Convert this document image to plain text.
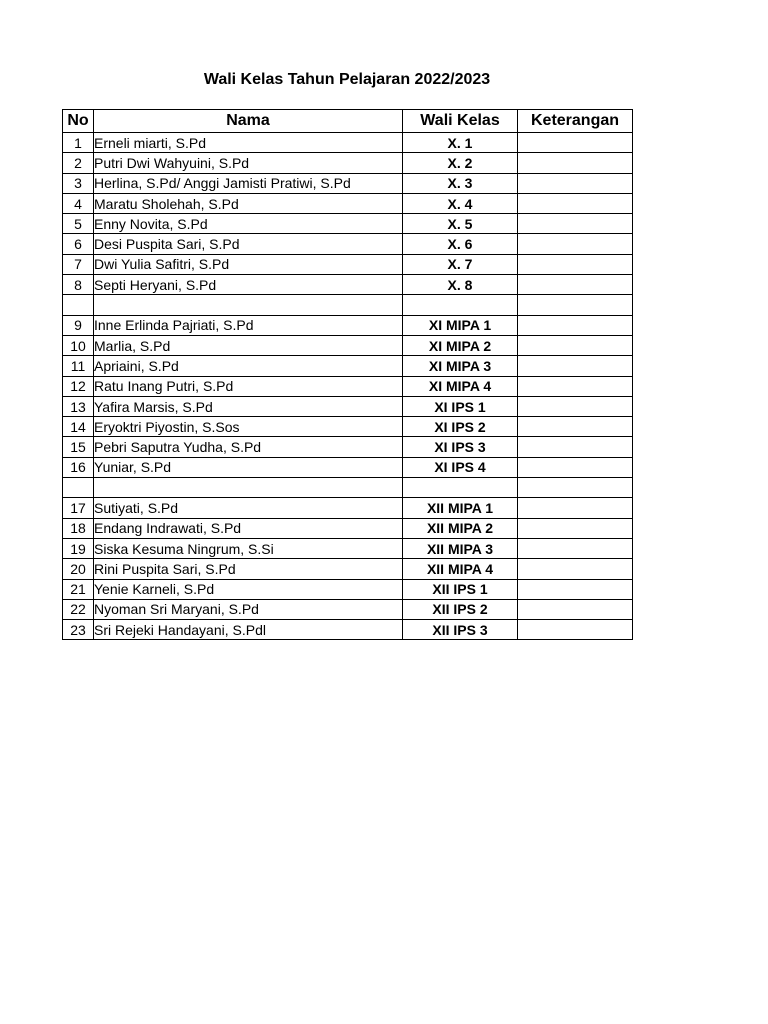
Wali Kelas Tahun Pelajaran 2022/2023
No	Nama	Wali Kelas	Keterangan
1	Erneli miarti, S.Pd	X. 1	
2	Putri Dwi Wahyuini, S.Pd	X. 2	
3	Herlina, S.Pd/ Anggi Jamisti Pratiwi, S.Pd	X. 3	
4	Maratu Sholehah, S.Pd	X. 4	
5	Enny Novita, S.Pd	X. 5	
6	Desi Puspita Sari, S.Pd	X. 6	
7	Dwi Yulia Safitri, S.Pd	X. 7	
8	Septi Heryani, S.Pd	X. 8	

9	Inne Erlinda Pajriati, S.Pd	XI MIPA 1	
10	Marlia, S.Pd	XI MIPA 2	
11	Apriaini, S.Pd	XI MIPA 3	
12	Ratu Inang Putri, S.Pd	XI MIPA 4	
13	Yafira Marsis, S.Pd	XI IPS 1	
14	Eryoktri Piyostin, S.Sos	XI IPS 2	
15	Pebri Saputra Yudha, S.Pd	XI IPS 3	
16	Yuniar, S.Pd	XI IPS 4	

17	Sutiyati, S.Pd	XII MIPA 1	
18	Endang Indrawati, S.Pd	XII MIPA 2	
19	Siska Kesuma Ningrum, S.Si	XII MIPA 3	
20	Rini Puspita Sari, S.Pd	XII MIPA 4	
21	Yenie Karneli, S.Pd	XII IPS 1	
22	Nyoman Sri Maryani, S.Pd	XII IPS 2	
23	Sri Rejeki Handayani, S.Pdl	XII IPS 3	
